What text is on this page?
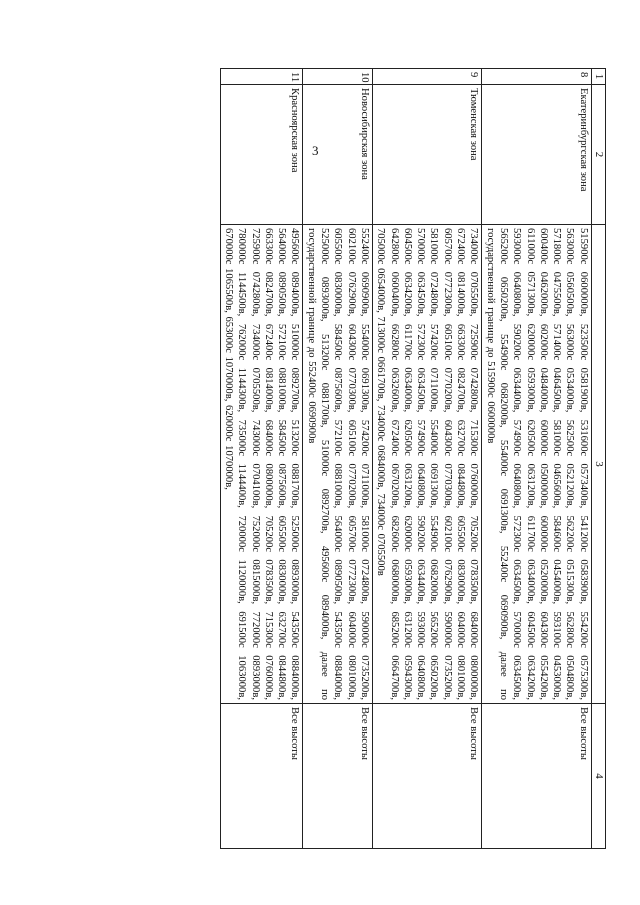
3
1	2	3	4
8	Екатеринбургская зона	515900с 0600000в, 523500с 0581900в, 531600с 0573400в, 541200с 0583900в, 554200с 0575300в, 563000с 0560500в, 563000с 0534000в, 562500с 0521200в, 562200с 0515300в, 562800с 0504800в, 571800с 0475500в, 571400с 0464500в, 581000с 0465600в, 584600с 0454000в, 593100с 0453000в, 600400с 0462000в, 602000с 0484000в, 600000с 0500000в, 600000с 0520000в, 604300с 0554200в, 611000с 0571300в, 620000с 0593000в, 620500с 0631200в, 611700с 0634000в, 604500с 0634200в, 593000с 0640800в, 590200с 0634400в, 574900с 0640800в, 572300с 0634500в, 570000с 0634500в, 565200с 0650200в, 554900с 0682000в, 554000с 0691300в, 552400с 0690900в, далее по государственной границе до 515900с 0600000в	Все высоты
9	Тюменская зона	734000с 0705500в, 725900с 0742800в, 715300с 0760000в, 705200с 0783500в, 684000с 0800000в, 672400с 0814000в, 663300с 0824700в, 632700с 0844800в, 605500с 0830000в, 604000с 0801000в, 605700с 0772300в, 605100с 0770200в, 604300с 0770300в, 602100с 0762900в, 590000с 0735200в, 581000с 0724800в, 574200с 0711000в, 554000с 0691300в, 554900с 0682000в, 565200с 0650200в, 570000с 0634500в, 572300с 0634500в, 574900с 0640800в, 590200с 0634400в, 593000с 0640800в, 604500с 0634200в, 611700с 0634000в, 620500с 0631200в, 620000с 0593000в, 631200с 0594300в, 642800с 0600400в, 662800с 0632600в, 672400с 0670200в, 682600с 0680000в, 685200с 0664700в, 705000с 0654000в, 713000с 0661700в, 734000с 0684000в, 734000с 0705500в	Все высоты
10	Новосибирская зона	552400с 0690900в, 554000с 0691300в, 574200с 0711000в, 581000с 0724800в, 590000с 0735200в, 602100с 0762900в, 604300с 0770300в, 605100с 0770200в, 605700с 0772300в, 604000с 0801000в, 605500с 0830000в, 584500с 0875600в, 572100с 0881000в, 564000с 0890500в, 543500с 0884000в, 525000с 0893000в, 513200с 0881700в, 510000с 0892700в, 495600с 0894000в, далее по государственной границе до 552400с 0690900в	Все высоты
11	Красноярская зона	495600с 0894000в, 510000с 0892700в, 513200с 0881700в, 525000с 0893000в, 543500с 0884000в, 564000с 0890500в, 572100с 0881000в, 584500с 0875600в, 605500с 0830000в, 632700с 0844800в, 663300с 0824700в, 672400с 0814000в, 684000с 0800000в, 705200с 0783500в, 715300с 0760000в, 725900с 0742800в, 734000с 0705500в, 743000с 0704100в, 752000с 0815000в, 772000с 0893000в, 780000с 1144500в, 762000с 1144300в, 735000с 1144400в, 720000с 1120000в, 691500с 1063000в, 670000с 1065500в, 653000с 1070000в, 620000с 1070000в,	Все высоты
